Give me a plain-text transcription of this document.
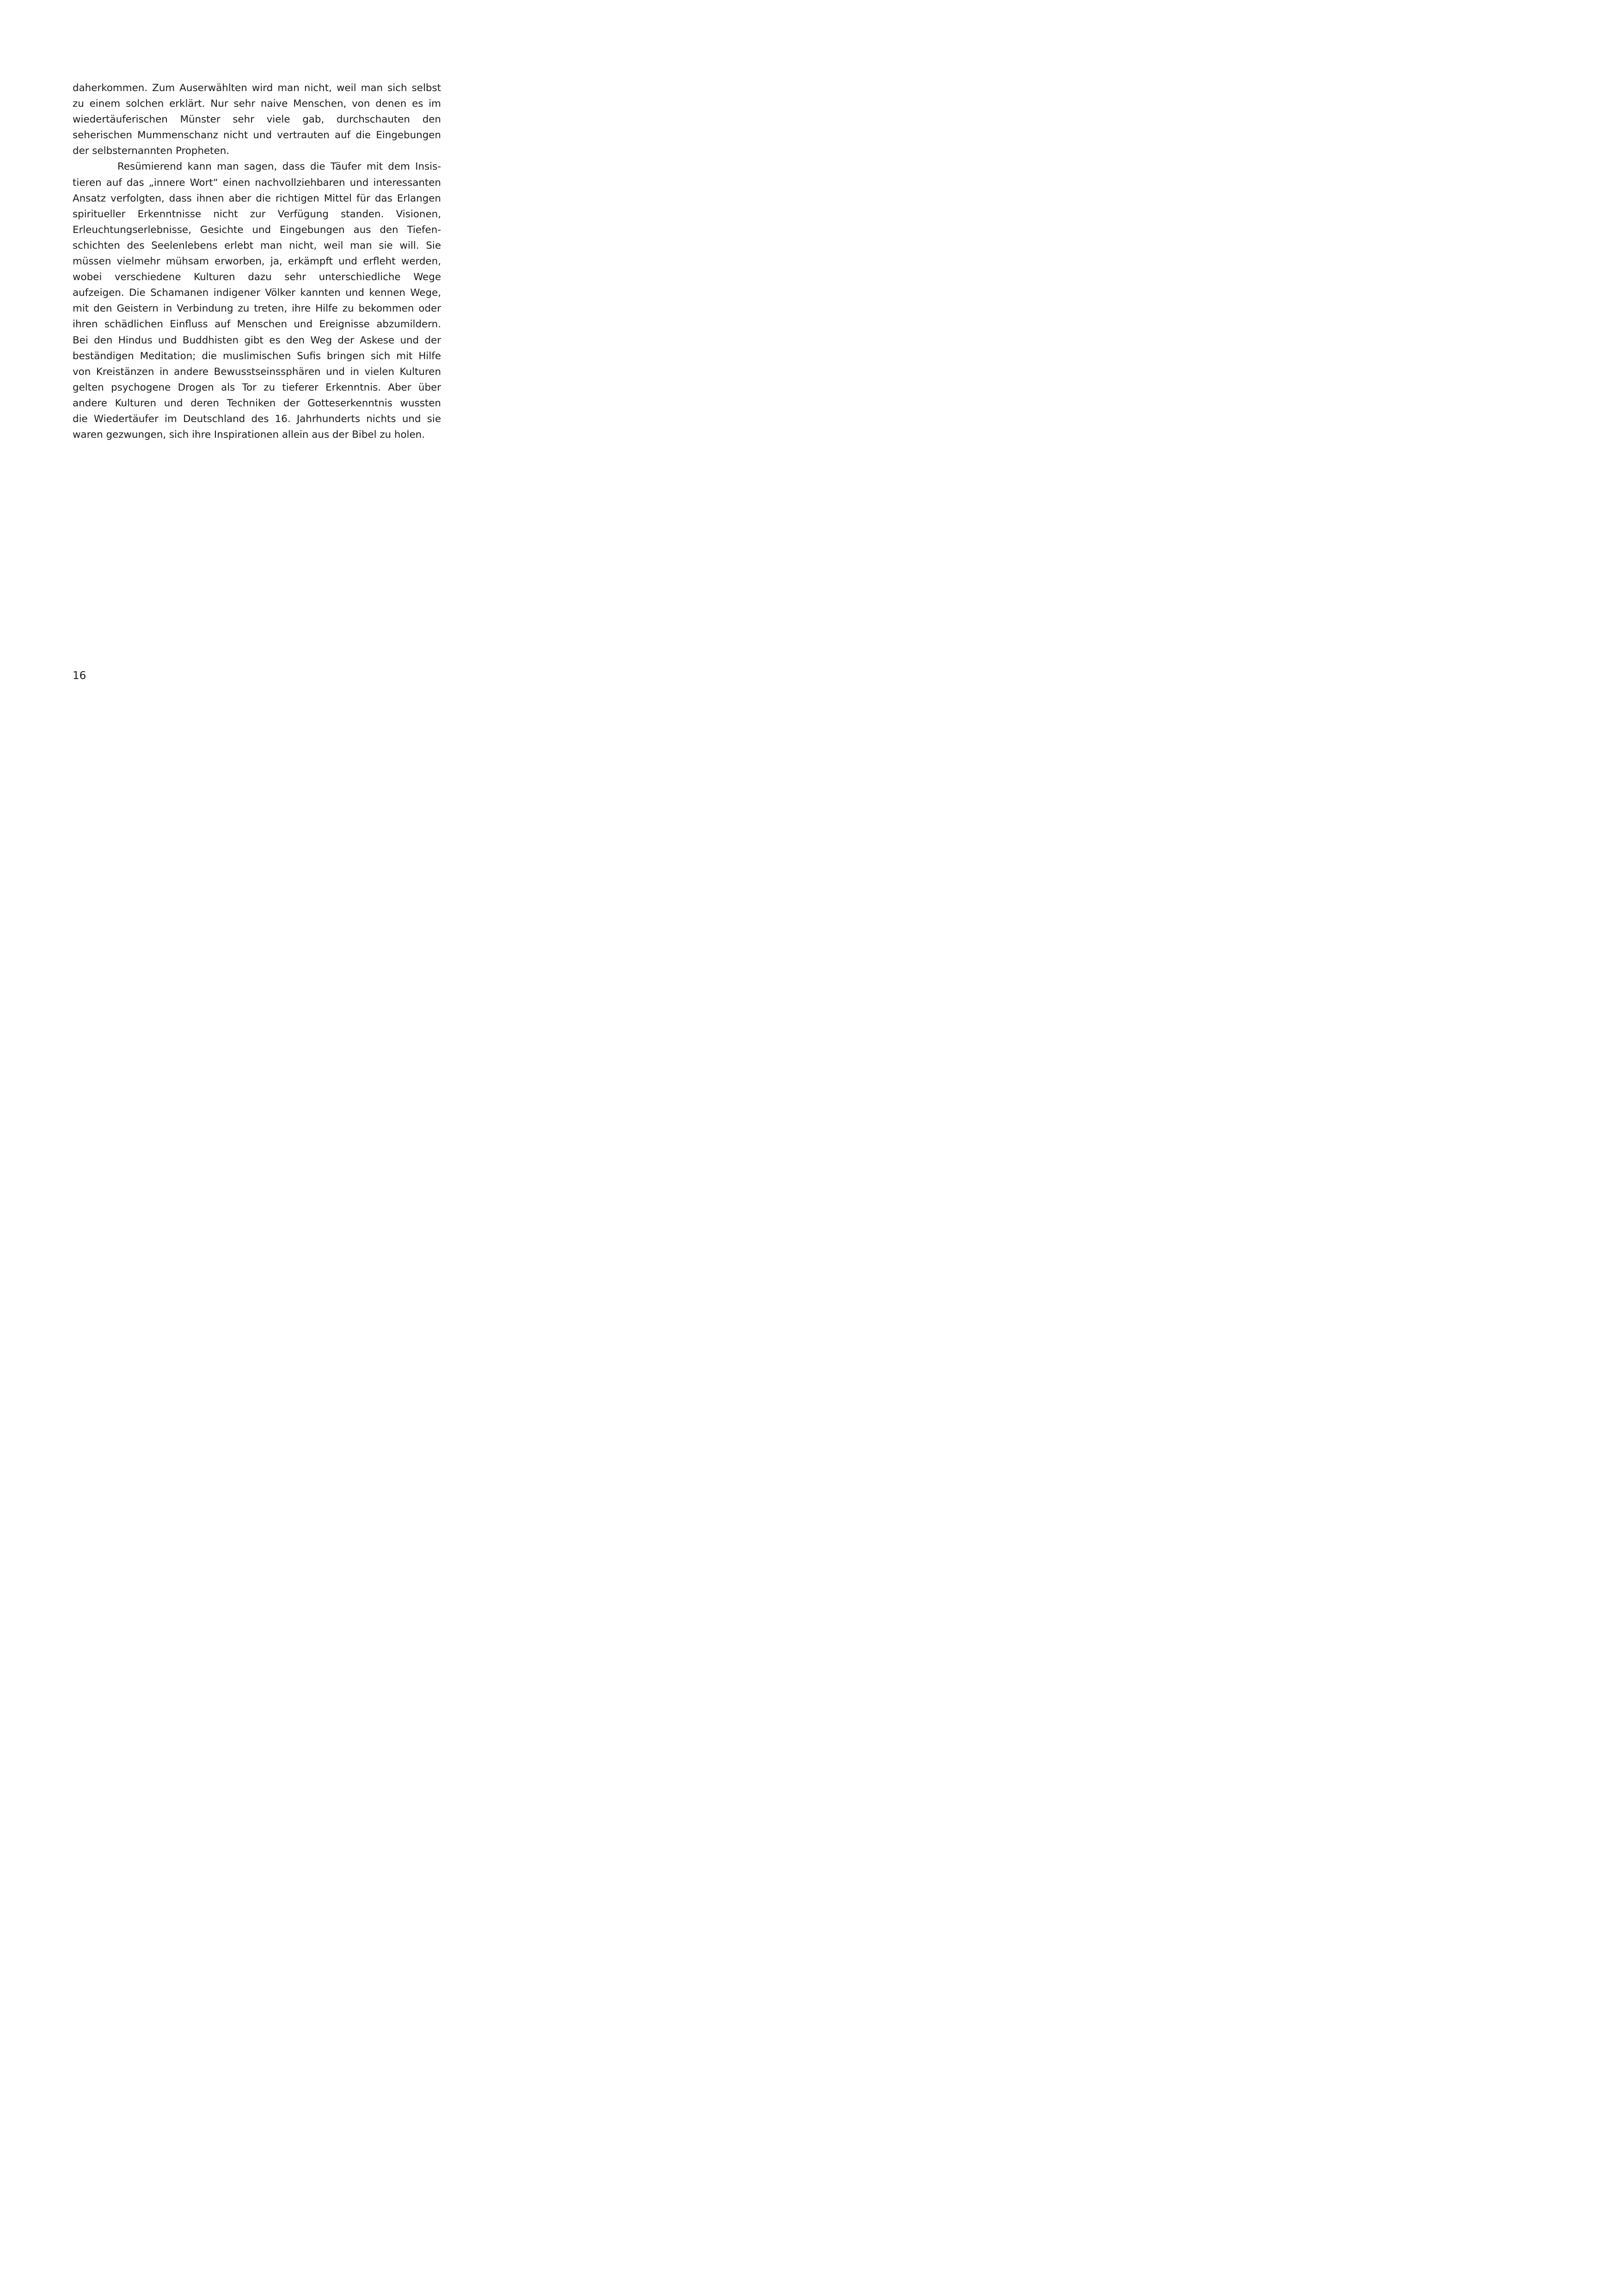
daherkommen. Zum Auserwählten wird man nicht, weil man sich selbst
zu einem solchen erklärt. Nur sehr naive Menschen, von denen es im
wiedertäuferischen Münster sehr viele gab, durchschauten den
seherischen Mummenschanz nicht und vertrauten auf die Eingebungen
der selbsternannten Propheten.
Resümierend kann man sagen, dass die Täufer mit dem Insis-
tieren auf das „innere Wort“ einen nachvollziehbaren und interessanten
Ansatz verfolgten, dass ihnen aber die richtigen Mittel für das Erlangen
spiritueller Erkenntnisse nicht zur Verfügung standen. Visionen,
Erleuchtungserlebnisse, Gesichte und Eingebungen aus den Tiefen-
schichten des Seelenlebens erlebt man nicht, weil man sie will. Sie
müssen vielmehr mühsam erworben, ja, erkämpft und erfleht werden,
wobei verschiedene Kulturen dazu sehr unterschiedliche Wege
aufzeigen. Die Schamanen indigener Völker kannten und kennen Wege,
mit den Geistern in Verbindung zu treten, ihre Hilfe zu bekommen oder
ihren schädlichen Einfluss auf Menschen und Ereignisse abzumildern.
Bei den Hindus und Buddhisten gibt es den Weg der Askese und der
beständigen Meditation; die muslimischen Sufis bringen sich mit Hilfe
von Kreistänzen in andere Bewusstseinssphären und in vielen Kulturen
gelten psychogene Drogen als Tor zu tieferer Erkenntnis. Aber über
andere Kulturen und deren Techniken der Gotteserkenntnis wussten
die Wiedertäufer im Deutschland des 16. Jahrhunderts nichts und sie
waren gezwungen, sich ihre Inspirationen allein aus der Bibel zu holen.
16
